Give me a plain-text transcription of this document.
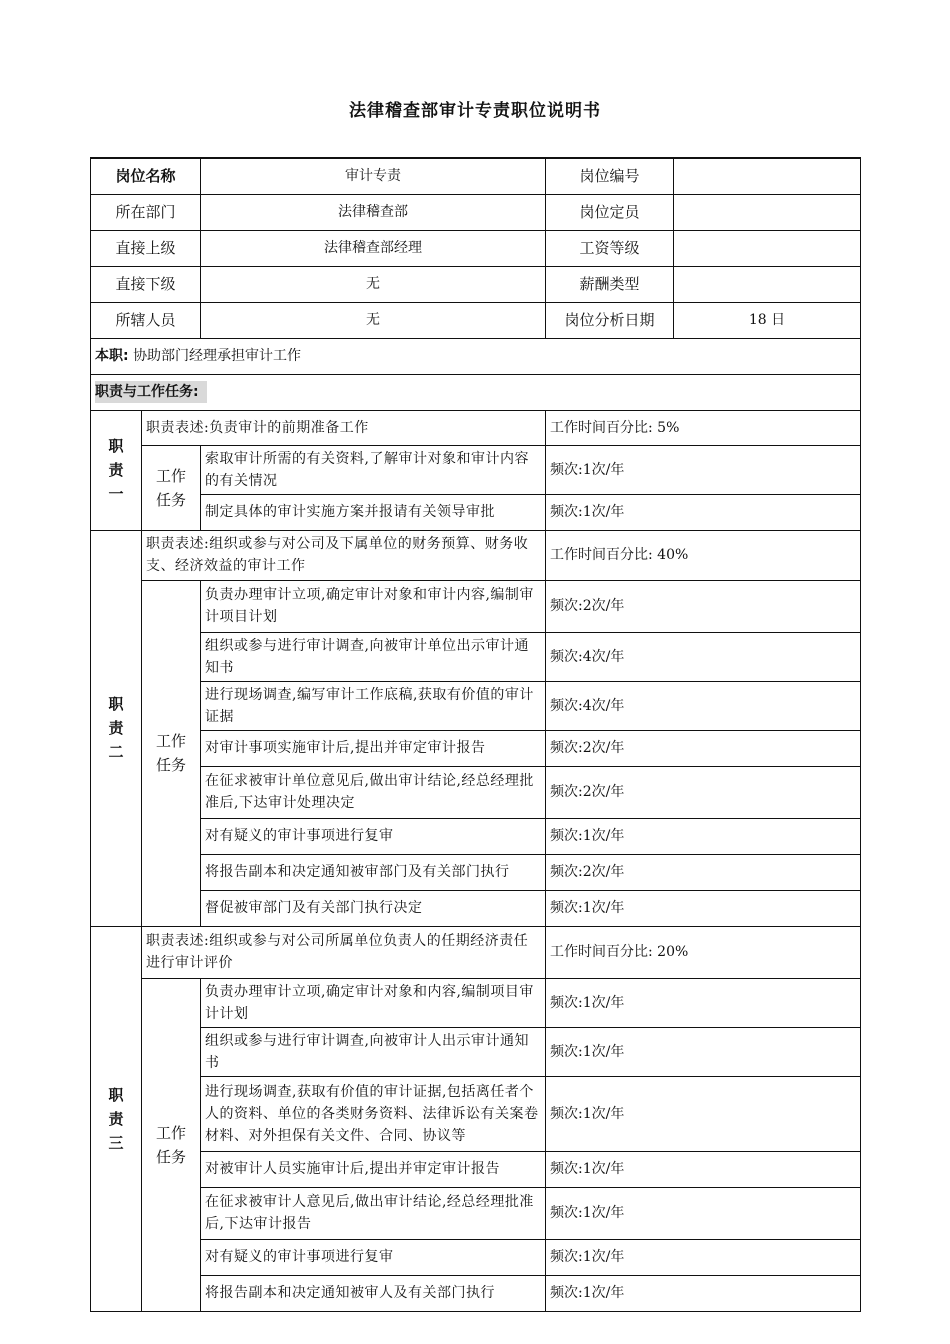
法律稽查部审计专责职位说明书
岗位名称		审计专责	岗位编号	
所在部门		法律稽查部	岗位定员	
直接上级		法律稽查部经理	工资等级	
直接下级		无	薪酬类型	
所辖人员		无	岗位分析日期	18 日
本职: 协助部门经理承担审计工作				
职责与工作任务:				
职责一	职责表述:负责审计的前期准备工作		工作时间百分比: 5%	
	工作任务	索取审计所需的有关资料,了解审计对象和审计内容的有关情况	频次:1次/年	
		制定具体的审计实施方案并报请有关领导审批	频次:1次/年	
职责二	职责表述:组织或参与对公司及下属单位的财务预算、财务收支、经济效益的审计工作		工作时间百分比: 40%	
	工作任务	负责办理审计立项,确定审计对象和审计内容,编制审计项目计划	频次:2次/年	
		组织或参与进行审计调查,向被审计单位出示审计通知书	频次:4次/年	
		进行现场调查,编写审计工作底稿,获取有价值的审计证据	频次:4次/年	
		对审计事项实施审计后,提出并审定审计报告	频次:2次/年	
		在征求被审计单位意见后,做出审计结论,经总经理批准后,下达审计处理决定	频次:2次/年	
		对有疑义的审计事项进行复审	频次:1次/年	
		将报告副本和决定通知被审部门及有关部门执行	频次:2次/年	
		督促被审部门及有关部门执行决定	频次:1次/年	
职责三	职责表述:组织或参与对公司所属单位负责人的任期经济责任进行审计评价		工作时间百分比: 20%	
	工作任务	负责办理审计立项,确定审计对象和内容,编制项目审计计划	频次:1次/年	
		组织或参与进行审计调查,向被审计人出示审计通知书	频次:1次/年	
		进行现场调查,获取有价值的审计证据,包括离任者个人的资料、单位的各类财务资料、法律诉讼有关案卷材料、对外担保有关文件、合同、协议等	频次:1次/年	
		对被审计人员实施审计后,提出并审定审计报告	频次:1次/年	
		在征求被审计人意见后,做出审计结论,经总经理批准后,下达审计报告	频次:1次/年	
		对有疑义的审计事项进行复审	频次:1次/年	
		将报告副本和决定通知被审人及有关部门执行	频次:1次/年	
